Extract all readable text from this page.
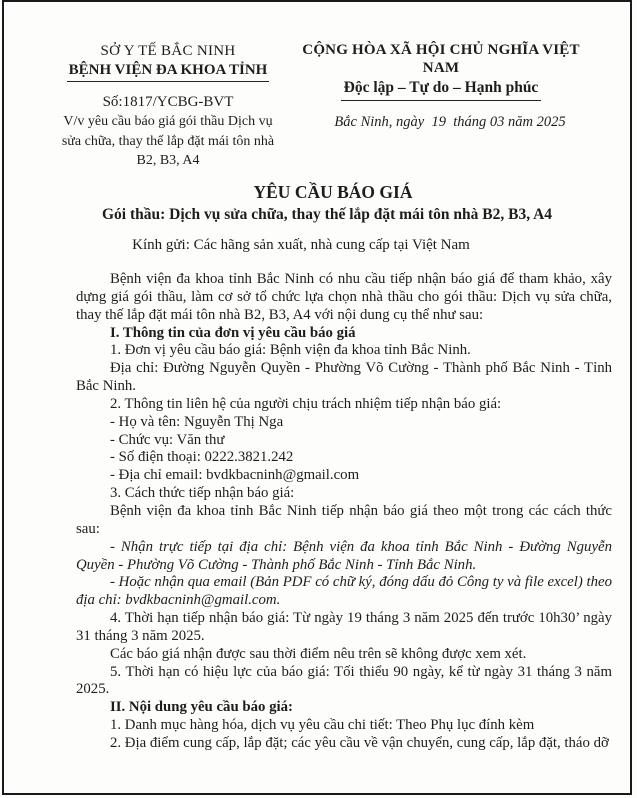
SỞ Y TẾ BẮC NINH
BỆNH VIỆN ĐA KHOA TỈNH
Số:1817/YCBG-BVT
V/v yêu cầu báo giá gói thầu Dịch vụ sửa chữa, thay thế lắp đặt mái tôn nhà B2, B3, A4
CỘNG HÒA XÃ HỘI CHỦ NGHĨA VIỆT NAM
Độc lập – Tự do – Hạnh phúc
Bắc Ninh, ngày  19  tháng 03 năm 2025

YÊU CẦU BÁO GIÁ

Gói thầu: Dịch vụ sửa chữa, thay thế lắp đặt mái tôn nhà B2, B3, A4

Kính gửi: Các hãng sản xuất, nhà cung cấp tại Việt Nam

Bệnh viện đa khoa tỉnh Bắc Ninh có nhu cầu tiếp nhận báo giá để tham khảo, xây dựng giá gói thầu, làm cơ sở tổ chức lựa chọn nhà thầu cho gói thầu: Dịch vụ sửa chữa, thay thế lắp đặt mái tôn nhà B2, B3, A4 với nội dung cụ thể như sau:

I. Thông tin của đơn vị yêu cầu báo giá

1. Đơn vị yêu cầu báo giá: Bệnh viện đa khoa tỉnh Bắc Ninh.

Địa chỉ: Đường Nguyễn Quyền - Phường Võ Cường - Thành phố Bắc Ninh - Tỉnh Bắc Ninh.

2. Thông tin liên hệ của người chịu trách nhiệm tiếp nhận báo giá:

- Họ và tên: Nguyễn Thị Nga

- Chức vụ: Văn thư

- Số điện thoại: 0222.3821.242

- Địa chỉ email: bvdkbacninh@gmail.com

3. Cách thức tiếp nhận báo giá:

Bệnh viện đa khoa tỉnh Bắc Ninh tiếp nhận báo giá theo một trong các cách thức sau:

- Nhận trực tiếp tại địa chỉ: Bệnh viện đa khoa tỉnh Bắc Ninh - Đường Nguyễn Quyền - Phường Võ Cường - Thành phố Bắc Ninh - Tỉnh Bắc Ninh.

- Hoặc nhận qua email (Bản PDF có chữ ký, đóng dấu đỏ Công ty và file excel) theo địa chỉ: bvdkbacninh@gmail.com.

4. Thời hạn tiếp nhận báo giá: Từ ngày 19 tháng 3 năm 2025 đến trước 10h30’ ngày 31 tháng 3 năm 2025.

Các báo giá nhận được sau thời điểm nêu trên sẽ không được xem xét.

5. Thời hạn có hiệu lực của báo giá: Tối thiểu 90 ngày, kể từ ngày 31 tháng 3 năm 2025.

II. Nội dung yêu cầu báo giá:

1. Danh mục hàng hóa, dịch vụ yêu cầu chi tiết: Theo Phụ lục đính kèm

2. Địa điểm cung cấp, lắp đặt; các yêu cầu về vận chuyển, cung cấp, lắp đặt, tháo dỡ
